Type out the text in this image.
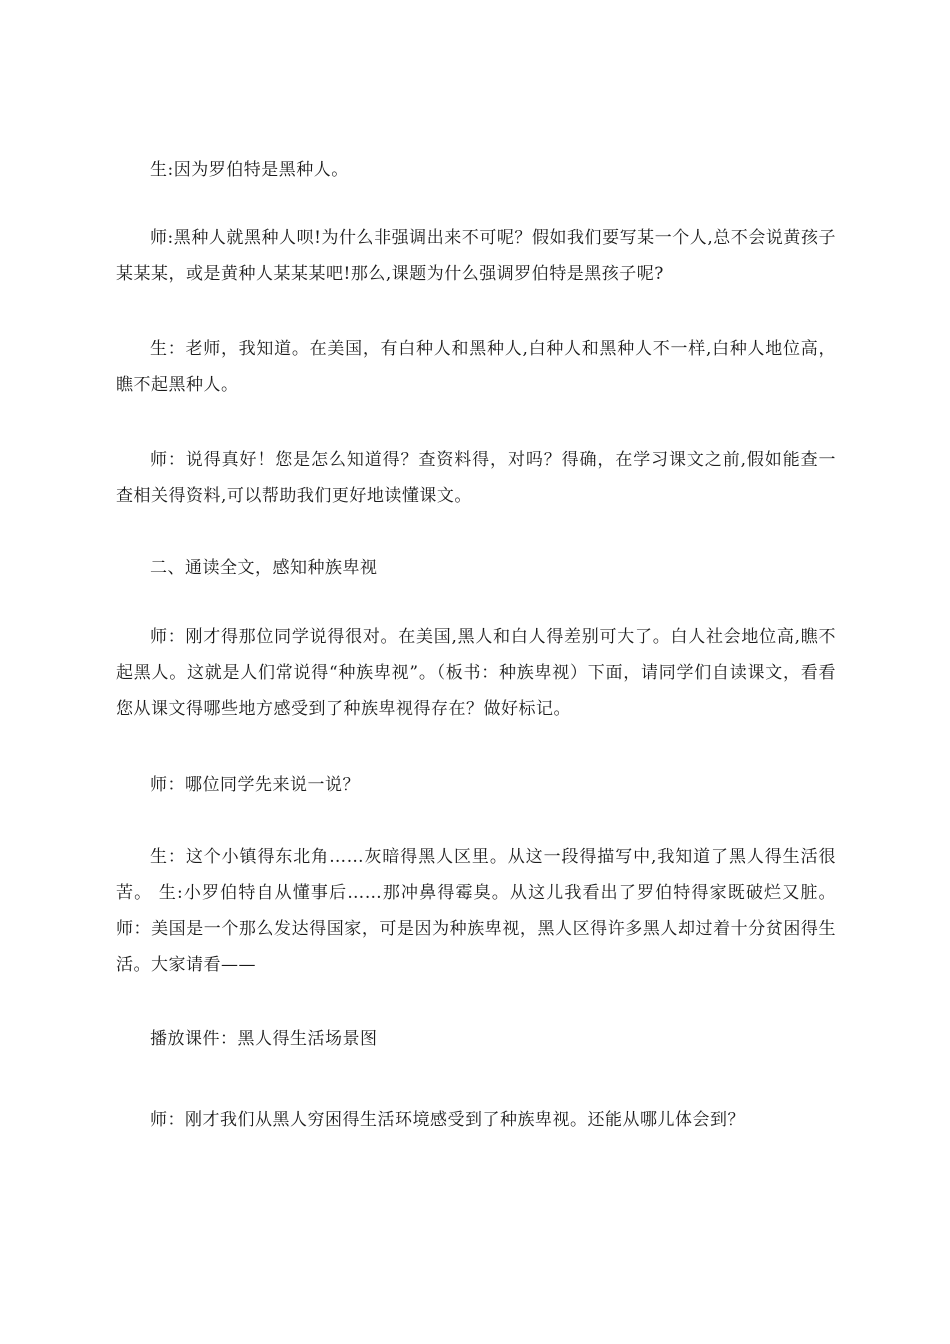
生:因为罗伯特是黑种人。

师:黑种人就黑种人呗!为什么非强调出来不可呢？假如我们要写某一个人,总不会说黄孩子某某某，或是黄种人某某某吧!那么,课题为什么强调罗伯特是黑孩子呢?

生：老师，我知道。在美国，有白种人和黑种人,白种人和黑种人不一样,白种人地位高，瞧不起黑种人。

师：说得真好！您是怎么知道得？查资料得，对吗？得确，在学习课文之前,假如能查一查相关得资料,可以帮助我们更好地读懂课文。

二、通读全文，感知种族卑视

师：刚才得那位同学说得很对。在美国,黑人和白人得差别可大了。白人社会地位高,瞧不起黑人。这就是人们常说得“种族卑视”。（板书：种族卑视）下面，请同学们自读课文，看看您从课文得哪些地方感受到了种族卑视得存在？做好标记。

师：哪位同学先来说一说？

生：这个小镇得东北角……灰暗得黑人区里。从这一段得描写中,我知道了黑人得生活很苦。 生:小罗伯特自从懂事后……那冲鼻得霉臭。从这儿我看出了罗伯特得家既破烂又脏。 师：美国是一个那么发达得国家，可是因为种族卑视，黑人区得许多黑人却过着十分贫困得生活。大家请看——

播放课件：黑人得生活场景图

师：刚才我们从黑人穷困得生活环境感受到了种族卑视。还能从哪儿体会到？
